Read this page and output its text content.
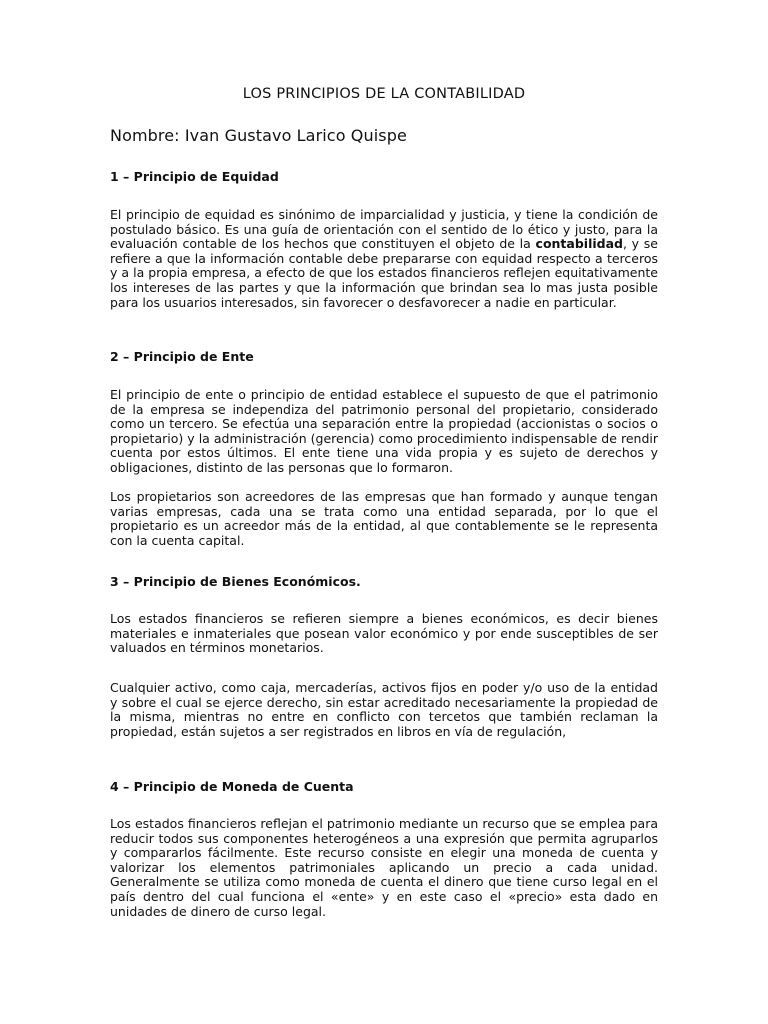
LOS PRINCIPIOS DE LA CONTABILIDAD
Nombre: Ivan Gustavo Larico Quispe
1 – Principio de Equidad

El principio de equidad es sinónimo de imparcialidad y justicia, y tiene la condición de postulado básico. Es una guía de orientación con el sentido de lo ético y justo, para la evaluación contable de los hechos que constituyen el objeto de la contabilidad, y se refiere a que la información contable debe prepararse con equidad respecto a terceros y a la propia empresa, a efecto de que los estados financieros reflejen equitativamente los intereses de las partes y que la información que brindan sea lo mas justa posible para los usuarios interesados, sin favorecer o desfavorecer a nadie en particular.

2 – Principio de Ente

El principio de ente o principio de entidad establece el supuesto de que el patrimonio de la empresa se independiza del patrimonio personal del propietario, considerado como un tercero. Se efectúa una separación entre la propiedad (accionistas o socios o propietario) y la administración (gerencia) como procedimiento indispensable de rendir cuenta por estos últimos. El ente tiene una vida propia y es sujeto de derechos y obligaciones, distinto de las personas que lo formaron.

Los propietarios son acreedores de las empresas que han formado y aunque tengan varias empresas, cada una se trata como una entidad separada, por lo que el propietario es un acreedor más de la entidad, al que contablemente se le representa con la cuenta capital.

3 – Principio de Bienes Económicos.

Los estados financieros se refieren siempre a bienes económicos, es decir bienes materiales e inmateriales que posean valor económico y por ende susceptibles de ser valuados en términos monetarios.

Cualquier activo, como caja, mercaderías, activos fijos en poder y/o uso de la entidad y sobre el cual se ejerce derecho, sin estar acreditado necesariamente la propiedad de la misma, mientras no entre en conflicto con tercetos que también reclaman la propiedad, están sujetos a ser registrados en libros en vía de regulación,

4 – Principio de Moneda de Cuenta

Los estados financieros reflejan el patrimonio mediante un recurso que se emplea para reducir todos sus componentes heterogéneos a una expresión que permita agruparlos y compararlos fácilmente. Este recurso consiste en elegir una moneda de cuenta y valorizar los elementos patrimoniales aplicando un precio a cada unidad. Generalmente se utiliza como moneda de cuenta el dinero que tiene curso legal en el país dentro del cual funciona el «ente» y en este caso el «precio» esta dado en unidades de dinero de curso legal.
